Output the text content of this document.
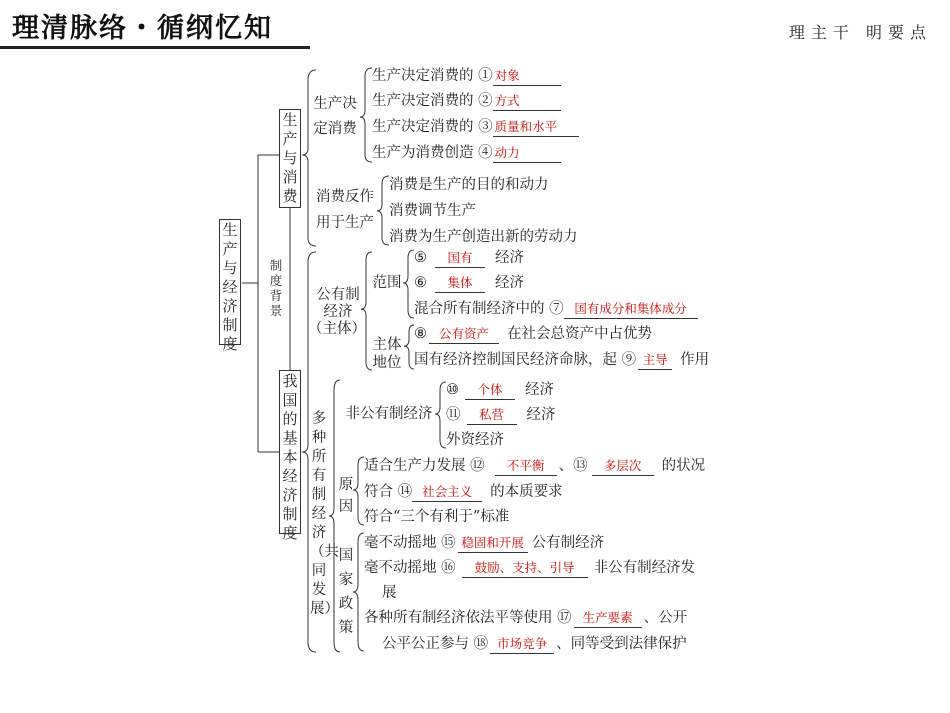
理清脉络・循纲忆知	理主干 明要点
生产与经济制度
制度背景
生产与消费
我国的基本经济制度
生产决
定消费
生产决定消费的 ① 对象
生产决定消费的 ② 方式
生产决定消费的 ③ 质量和水平
生产为消费创造 ④ 动力
消费反作
用于生产
消费是生产的目的和动力
消费调节生产
消费为生产创造出新的劳动力
公有制
经济
（主体）
范围
⑤ 国有 经济
⑥ 集体 经济
混合所有制经济中的 ⑦ 国有成分和集体成分
主体
地位
⑧ 公有资产 在社会总资产中占优势
国有经济控制国民经济命脉，起 ⑨ 主导 作用
多种所有制经济（共同发展）
非公有制经济
⑩ 个体 经济
⑪ 私营 经济
外资经济
原因
适合生产力发展 ⑫ 不平衡 、⑬ 多层次 的状况
符合 ⑭ 社会主义 的本质要求
符合“三个有利于”标准
国家政策
毫不动摇地 ⑮ 稳固和开展 公有制经济
毫不动摇地 ⑯ 鼓励、支持、引导 非公有制经济发
展
各种所有制经济依法平等使用 ⑰ 生产要素 、公开
公平公正参与 ⑱ 市场竞争 、同等受到法律保护
